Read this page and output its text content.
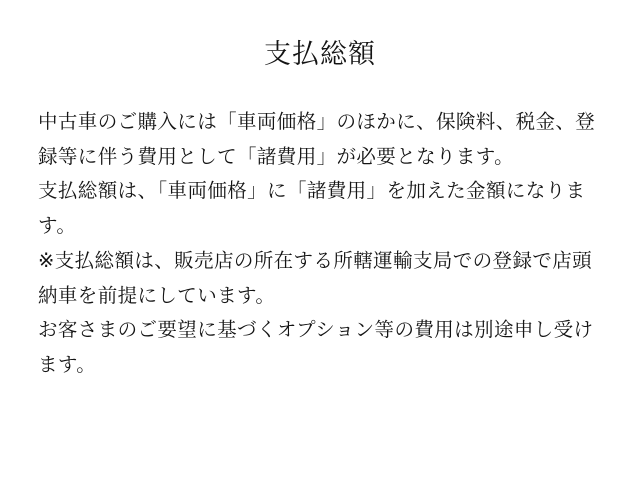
支払総額

中古車のご購入には「車両価格」のほかに、保険料、税金、登録等に伴う費用として「諸費用」が必要となります。

支払総額は、「車両価格」に「諸費用」を加えた金額になります。

※支払総額は、販売店の所在する所轄運輸支局での登録で店頭納車を前提にしています。

お客さまのご要望に基づくオプション等の費用は別途申し受けます。
